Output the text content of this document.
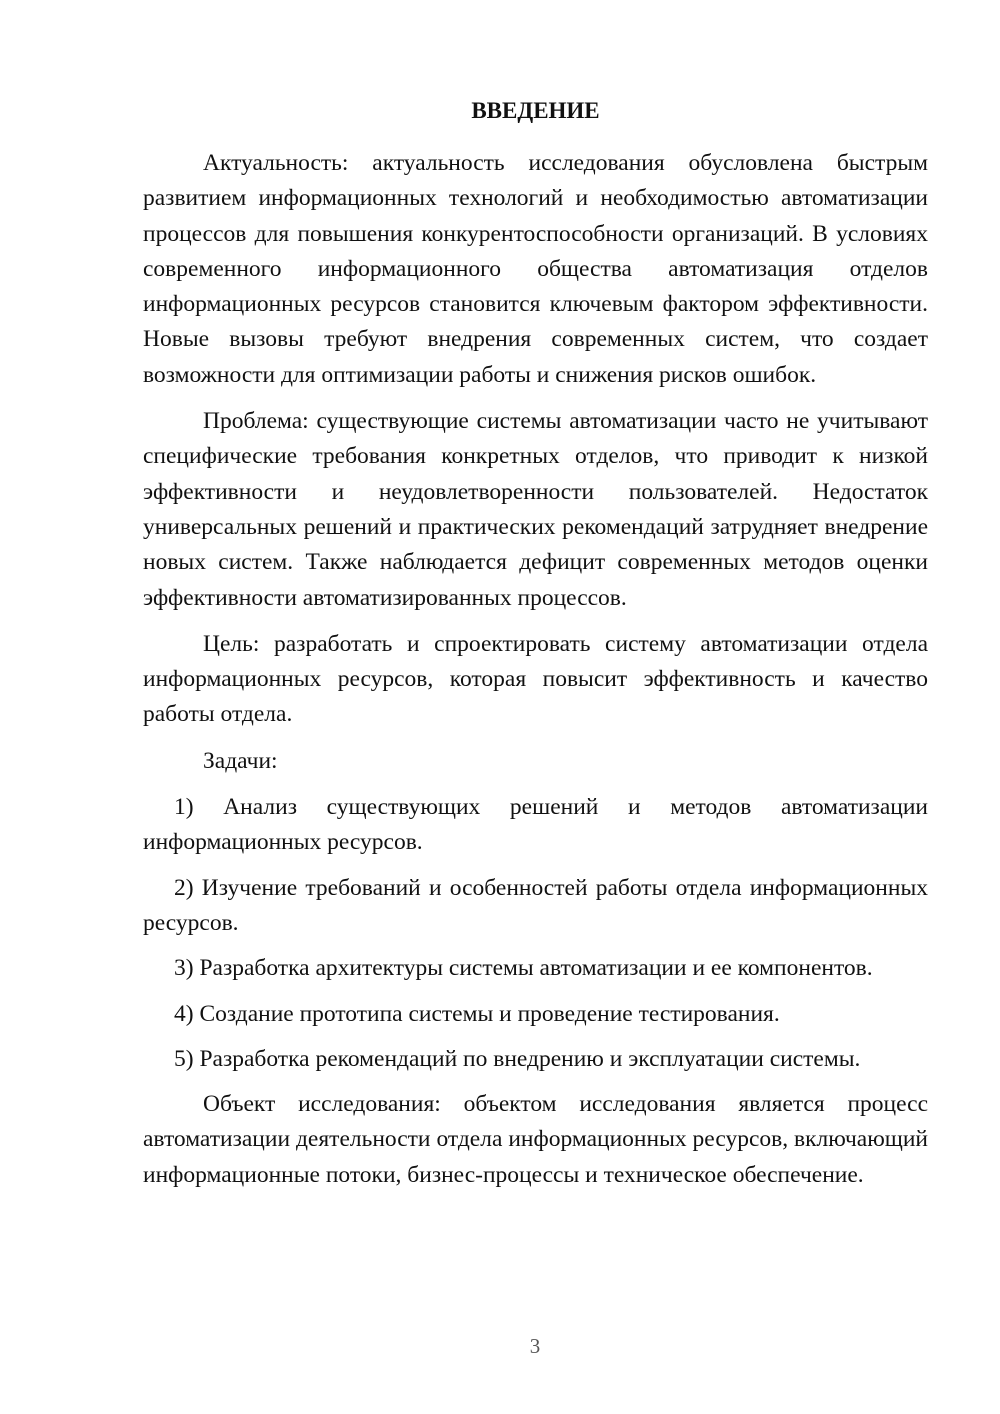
ВВЕДЕНИЕ

Актуальность: актуальность исследования обусловлена быстрым развитием информационных технологий и необходимостью автоматизации процессов для повышения конкурентоспособности организаций. В условиях современного информационного общества автоматизация отделов информационных ресурсов становится ключевым фактором эффективности. Новые вызовы требуют внедрения современных систем, что создает возможности для оптимизации работы и снижения рисков ошибок.

Проблема: существующие системы автоматизации часто не учитывают специфические требования конкретных отделов, что приводит к низкой эффективности и неудовлетворенности пользователей. Недостаток универсальных решений и практических рекомендаций затрудняет внедрение новых систем. Также наблюдается дефицит современных методов оценки эффективности автоматизированных процессов.

Цель: разработать и спроектировать систему автоматизации отдела информационных ресурсов, которая повысит эффективность и качество работы отдела.

Задачи:

1) Анализ существующих решений и методов автоматизации информационных ресурсов.

2) Изучение требований и особенностей работы отдела информационных ресурсов.

3) Разработка архитектуры системы автоматизации и ее компонентов.

4) Создание прототипа системы и проведение тестирования.

5) Разработка рекомендаций по внедрению и эксплуатации системы.

Объект исследования: объектом исследования является процесс автоматизации деятельности отдела информационных ресурсов, включающий информационные потоки, бизнес-процессы и техническое обеспечение.

3
